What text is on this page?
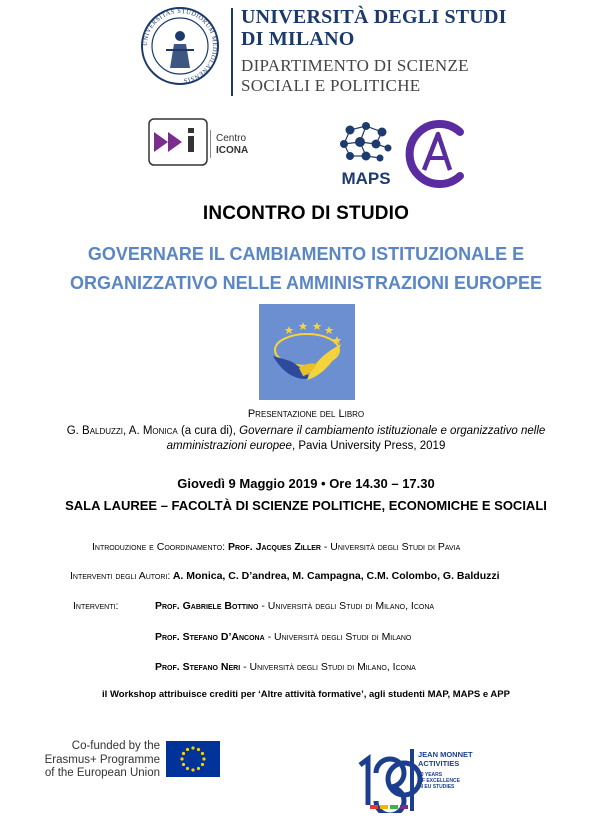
UNIVERSITAS STUDIORUM MEDIOLANENSIS
UNIVERSITÀ DEGLI STUDI
DI MILANO
DIPARTIMENTO DI SCIENZE
SOCIALI E POLITICHE
Centro
ICONA
MAPS
INCONTRO DI STUDIO
GOVERNARE IL CAMBIAMENTO ISTITUZIONALE E
ORGANIZZATIVO NELLE AMMINISTRAZIONI EUROPEE
Presentazione del Libro
G. Balduzzi, A. Monica (a cura di), Governare il cambiamento istituzionale e organizzativo nelle amministrazioni europee, Pavia University Press, 2019
Giovedì 9 Maggio 2019 • Ore 14.30 – 17.30
SALA LAUREE – FACOLTÀ DI SCIENZE POLITICHE, ECONOMICHE E SOCIALI
Introduzione e Coordinamento: Prof. Jacques Ziller - Università degli Studi di Pavia
Interventi degli Autori: A. Monica, C. D’andrea, M. Campagna, C.M. Colombo, G. Balduzzi
Interventi:	Prof. Gabriele Bottino - Università degli Studi di Milano, Icona
Prof. Stefano D’Ancona - Università degli Studi di Milano
Prof. Stefano Neri - Università degli Studi di Milano, Icona
il Workshop attribuisce crediti per ‘Altre attività formative’, agli studenti MAP, MAPS e APP
Co-funded by the
Erasmus+ Programme
of the European Union
JEAN MONNET
ACTIVITIES
30 YEARS
OF EXCELLENCE
IN EU STUDIES
